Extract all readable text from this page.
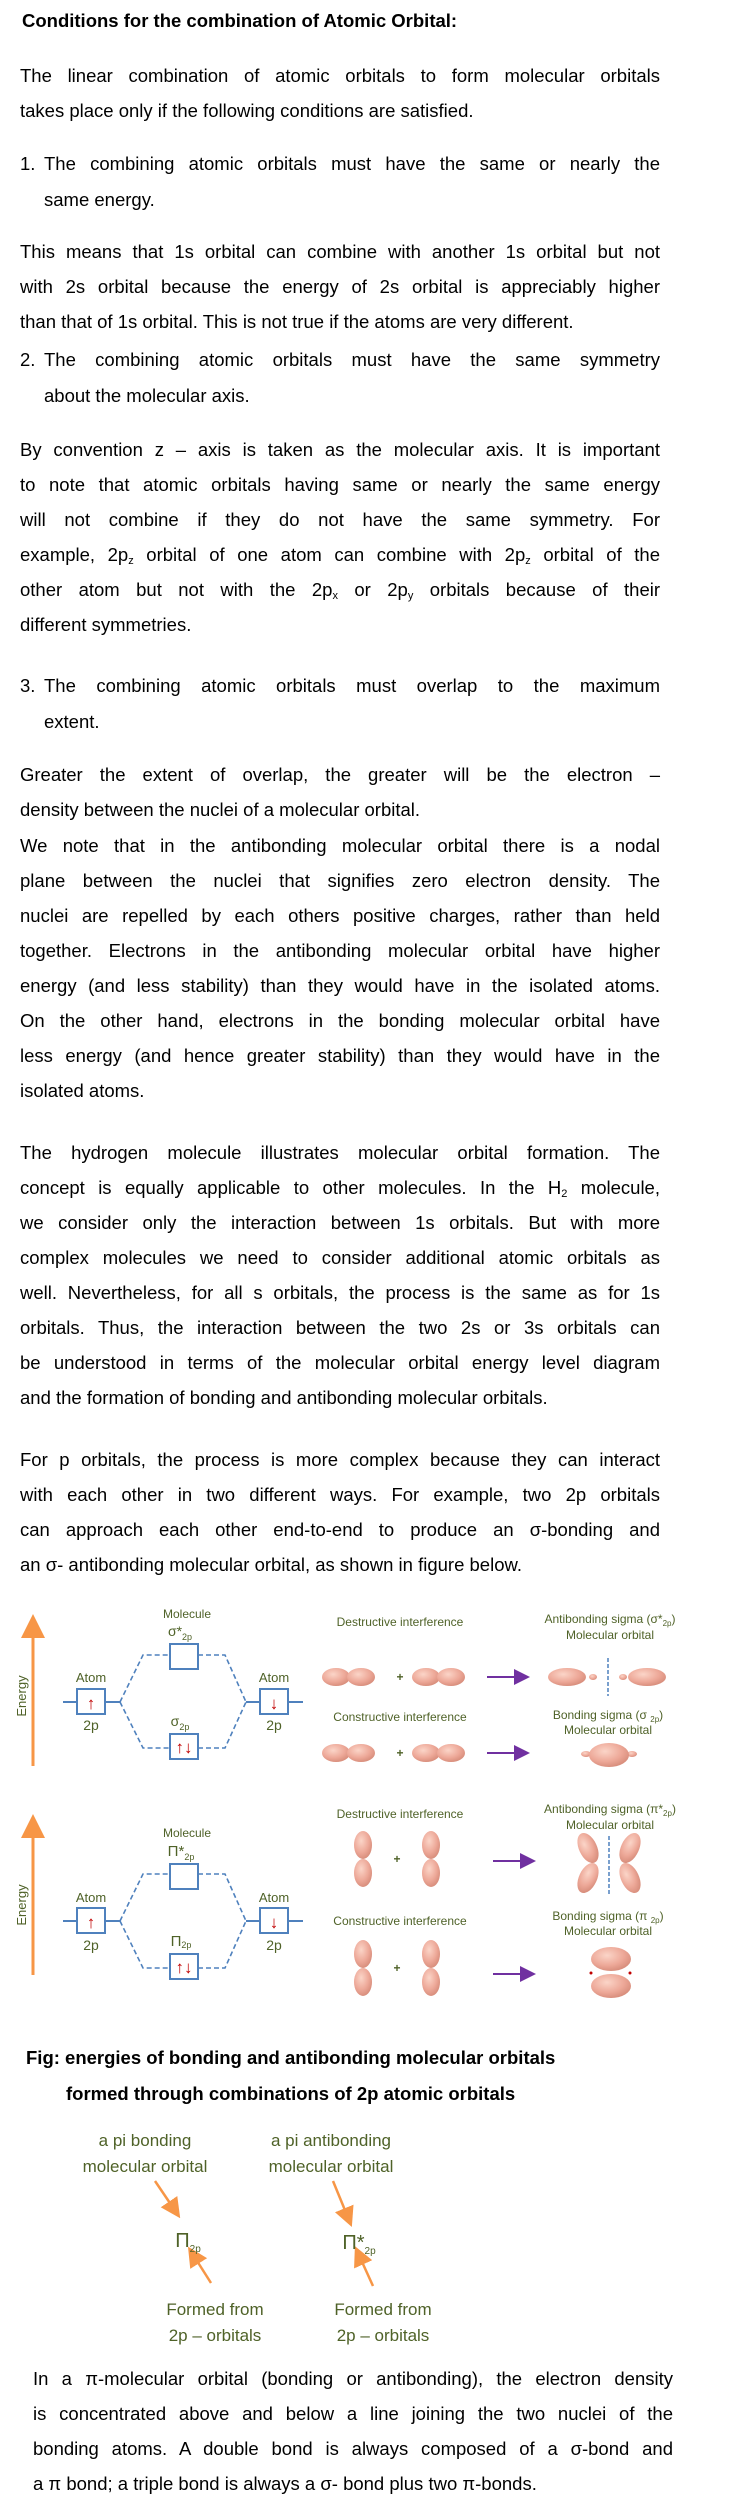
Conditions for the combination of Atomic Orbital:
The linear combination of atomic orbitals to form molecular orbitals
takes place only if the following conditions are satisfied.
1. The combining atomic orbitals must have the same or nearly the
same energy.
This means that 1s orbital can combine with another 1s orbital but not
with 2s orbital because the energy of 2s orbital is appreciably higher
than that of 1s orbital. This is not true if the atoms are very different.
2. The combining atomic orbitals must have the same symmetry
about the molecular axis.
By convention z – axis is taken as the molecular axis. It is important
to note that atomic orbitals having same or nearly the same energy
will not combine if they do not have the same symmetry. For
example, $2p_z$ orbital of one atom can combine with $2p_z$ orbital of the
other atom but not with the $2p_x$ or $2p_y$ orbitals because of their
different symmetries.
3. The combining atomic orbitals must overlap to the maximum
extent.
Greater the extent of overlap, the greater will be the electron –
density between the nuclei of a molecular orbital.
We note that in the antibonding molecular orbital there is a nodal
plane between the nuclei that signifies zero electron density. The
nuclei are repelled by each others positive charges, rather than held
together. Electrons in the antibonding molecular orbital have higher
energy (and less stability) than they would have in the isolated atoms.
On the other hand, electrons in the bonding molecular orbital have
less energy (and hence greater stability) than they would have in the
isolated atoms.
The hydrogen molecule illustrates molecular orbital formation. The
concept is equally applicable to other molecules. In the $H_2$ molecule,
we consider only the interaction between 1s orbitals. But with more
complex molecules we need to consider additional atomic orbitals as
well. Nevertheless, for all s orbitals, the process is the same as for 1s
orbitals. Thus, the interaction between the two 2s or 3s orbitals can
be understood in terms of the molecular orbital energy level diagram
and the formation of bonding and antibonding molecular orbitals.
For p orbitals, the process is more complex because they can interact
with each other in two different ways. For example, two 2p orbitals
can approach each other end-to-end to produce an σ-bonding and
an σ- antibonding molecular orbital, as shown in figure below.
Energy
Molecule
$\sigma*_{2p}$
$\sigma_{2p}$
↑↓
Atom
↑
2p
Atom
↓
2p
Destructive interference
+
Antibonding sigma $(\sigma*_{2p})$
Molecular orbital
Constructive interference
+
Bonding sigma (σ $_{2p}$)
Molecular orbital
Energy
Molecule
$\Pi*_{2p}$
Π2p
↑↓
Atom
↑
2p
Atom
↓
2p
Destructive interference
+
Antibonding sigma $(\pi*_{2p})$
Molecular orbital
Constructive interference
+
Bonding sigma (π $_{2p}$)
Molecular orbital
Fig: energies of bonding and antibonding molecular orbitals
formed through combinations of 2p atomic orbitals
a pi bonding
molecular orbital
$\Pi_{2p}$
Formed from
2p – orbitals
a pi antibonding
molecular orbital
$\Pi*_{2p}$
Formed from
2p – orbitals
In a π-molecular orbital (bonding or antibonding), the electron density
is concentrated above and below a line joining the two nuclei of the
bonding atoms. A double bond is always composed of a σ-bond and
a π bond; a triple bond is always a σ- bond plus two π-bonds.
